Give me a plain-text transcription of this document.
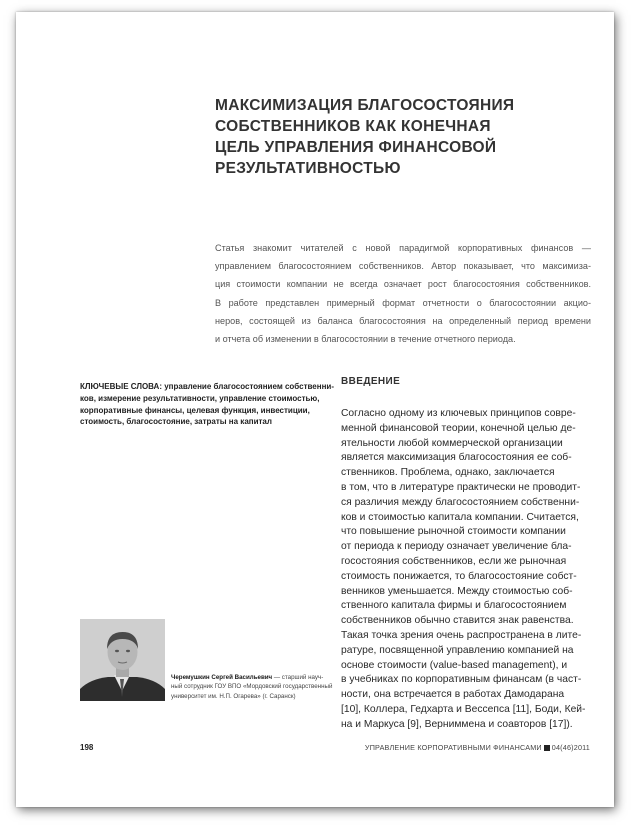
МАКСИМИЗАЦИЯ БЛАГОСОСТОЯНИЯ
СОБСТВЕННИКОВ КАК КОНЕЧНАЯ
ЦЕЛЬ УПРАВЛЕНИЯ ФИНАНСОВОЙ
РЕЗУЛЬТАТИВНОСТЬЮ

Статья знакомит читателей с новой парадигмой корпоративных финансов —
управлением благосостоянием собственников. Автор показывает, что максимиза-
ция стоимости компании не всегда означает рост благосостояния собственников.
В работе представлен примерный формат отчетности о благосостоянии акцио-
неров, состоящей из баланса благосостояния на определенный период времени
и отчета об изменении в благосостоянии в течение отчетного периода.

КЛЮЧЕВЫЕ СЛОВА: управление благосостоянием собственни-
ков, измерение результативности, управление стоимостью,
корпоративные финансы, целевая функция, инвестиции,
стоимость, благосостояние, затраты на капитал
ВВЕДЕНИЕ

Согласно одному из ключевых принципов совре-
менной финансовой теории, конечной целью де-
ятельности любой коммерческой организации
является максимизация благосостояния ее соб-
ственников. Проблема, однако, заключается
в том, что в литературе практически не проводит-
ся различия между благосостоянием собственни-
ков и стоимостью капитала компании. Считается,
что повышение рыночной стоимости компании
от периода к периоду означает увеличение бла-
госостояния собственников, если же рыночная
стоимость понижается, то благосостояние собст-
венников уменьшается. Между стоимостью соб-
ственного капитала фирмы и благосостоянием
собственников обычно ставится знак равенства.
Такая точка зрения очень распространена в лите-
ратуре, посвященной управлению компанией на
основе стоимости (value-based management), и
в учебниках по корпоративным финансам (в част-
ности, она встречается в работах Дамодарана
[10], Коллера, Гедхарта и Вессепса [11], Боди, Кей-
на и Маркуса [9], Верниммена и соавторов [17]).

Черемушкин Сергей Васильевич — старший науч-
ный сотрудник ГОУ ВПО «Мордовский государственный
университет им. Н.П. Огарева» (г. Саранск)
198	УПРАВЛЕНИЕ КОРПОРАТИВНЫМИ ФИНАНСАМИ 04(46)2011
